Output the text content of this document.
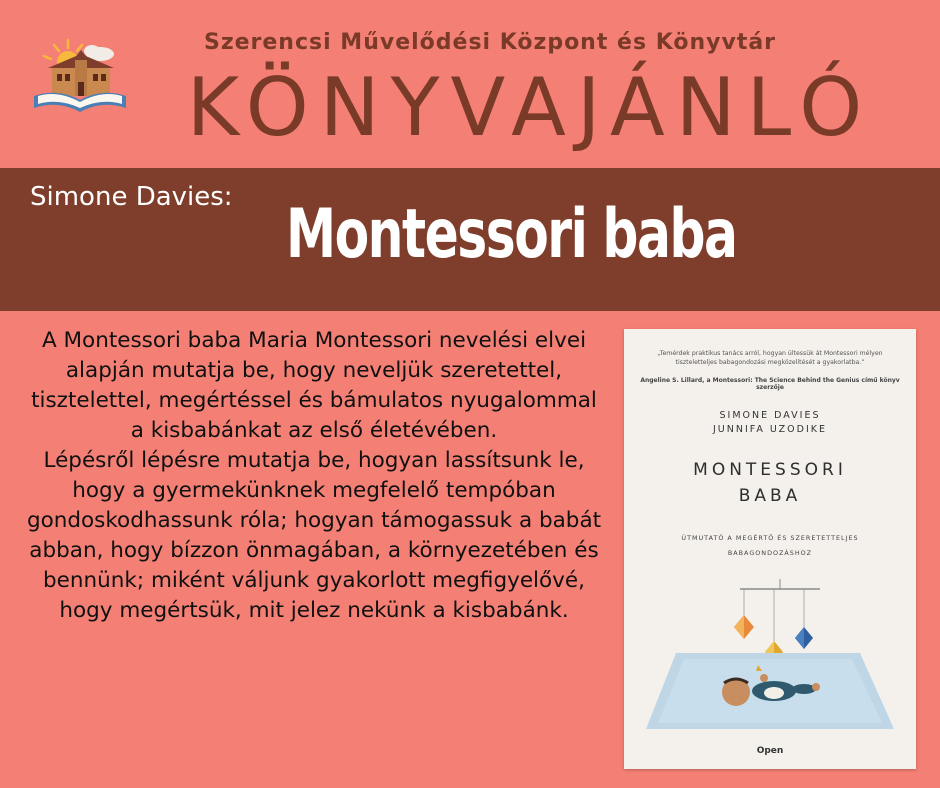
Szerencsi Művelődési Központ és Könyvtár
KÖNYVAJÁNLÓ
Simone Davies: Montessori baba

A Montessori baba Maria Montessori nevelési elvei alapján mutatja be, hogy neveljük szeretettel, tisztelettel, megértéssel és bámulatos nyugalommal a kisbabánkat az első életévében.

Lépésről lépésre mutatja be, hogyan lassítsunk le, hogy a gyermekünknek megfelelő tempóban gondoskodhassunk róla; hogyan támogassuk a babát abban, hogy bízzon önmagában, a környezetében és bennünk; miként váljunk gyakorlott megfigyelővé, hogy megértsük, mit jelez nekünk a kisbabánk.

„Temérdek praktikus tanács arról, hogyan ültessük át Montessori mélyen tiszteletteljes babagondozási megközelítését a gyakorlatba.”
Angeline S. Lillard, a Montessori: The Science Behind the Genius című könyv szerzője
SIMONE DAVIES
JUNNIFA UZODIKE
MONTESSORI
BABA
ÚTMUTATÓ A MEGÉRTŐ ÉS SZERETETTELJES
BABAGONDOZÁSHOZ
Open
